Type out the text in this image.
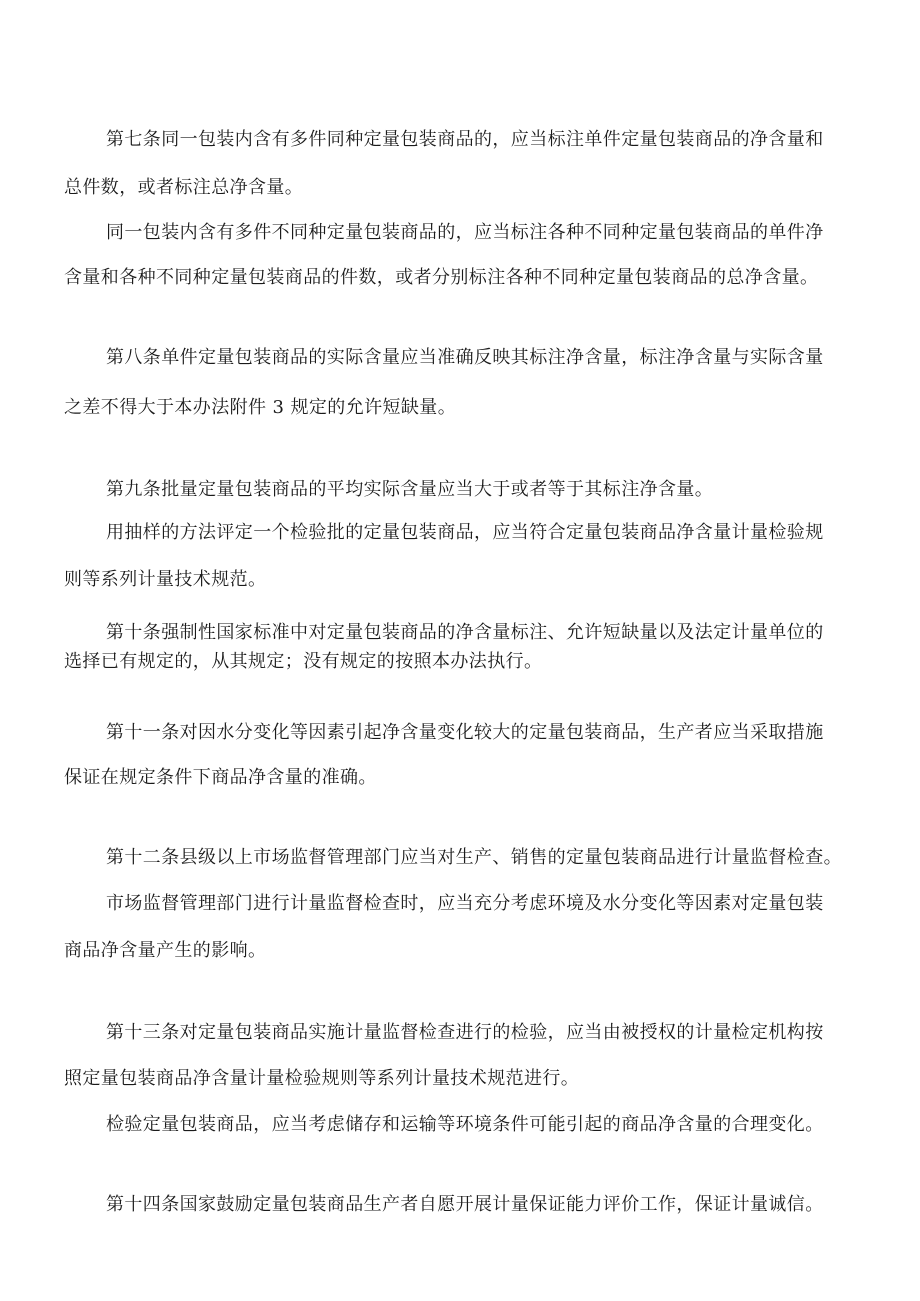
第七条同一包装内含有多件同种定量包装商品的，应当标注单件定量包装商品的净含量和
总件数，或者标注总净含量。
同一包装内含有多件不同种定量包装商品的，应当标注各种不同种定量包装商品的单件净
含量和各种不同种定量包装商品的件数，或者分别标注各种不同种定量包装商品的总净含量。
第八条单件定量包装商品的实际含量应当准确反映其标注净含量，标注净含量与实际含量
之差不得大于本办法附件 3 规定的允许短缺量。
第九条批量定量包装商品的平均实际含量应当大于或者等于其标注净含量。
用抽样的方法评定一个检验批的定量包装商品，应当符合定量包装商品净含量计量检验规
则等系列计量技术规范。
第十条强制性国家标准中对定量包装商品的净含量标注、允许短缺量以及法定计量单位的
选择已有规定的，从其规定；没有规定的按照本办法执行。
第十一条对因水分变化等因素引起净含量变化较大的定量包装商品，生产者应当采取措施
保证在规定条件下商品净含量的准确。
第十二条县级以上市场监督管理部门应当对生产、销售的定量包装商品进行计量监督检查。
市场监督管理部门进行计量监督检查时，应当充分考虑环境及水分变化等因素对定量包装
商品净含量产生的影响。
第十三条对定量包装商品实施计量监督检查进行的检验，应当由被授权的计量检定机构按
照定量包装商品净含量计量检验规则等系列计量技术规范进行。
检验定量包装商品，应当考虑储存和运输等环境条件可能引起的商品净含量的合理变化。
第十四条国家鼓励定量包装商品生产者自愿开展计量保证能力评价工作，保证计量诚信。
